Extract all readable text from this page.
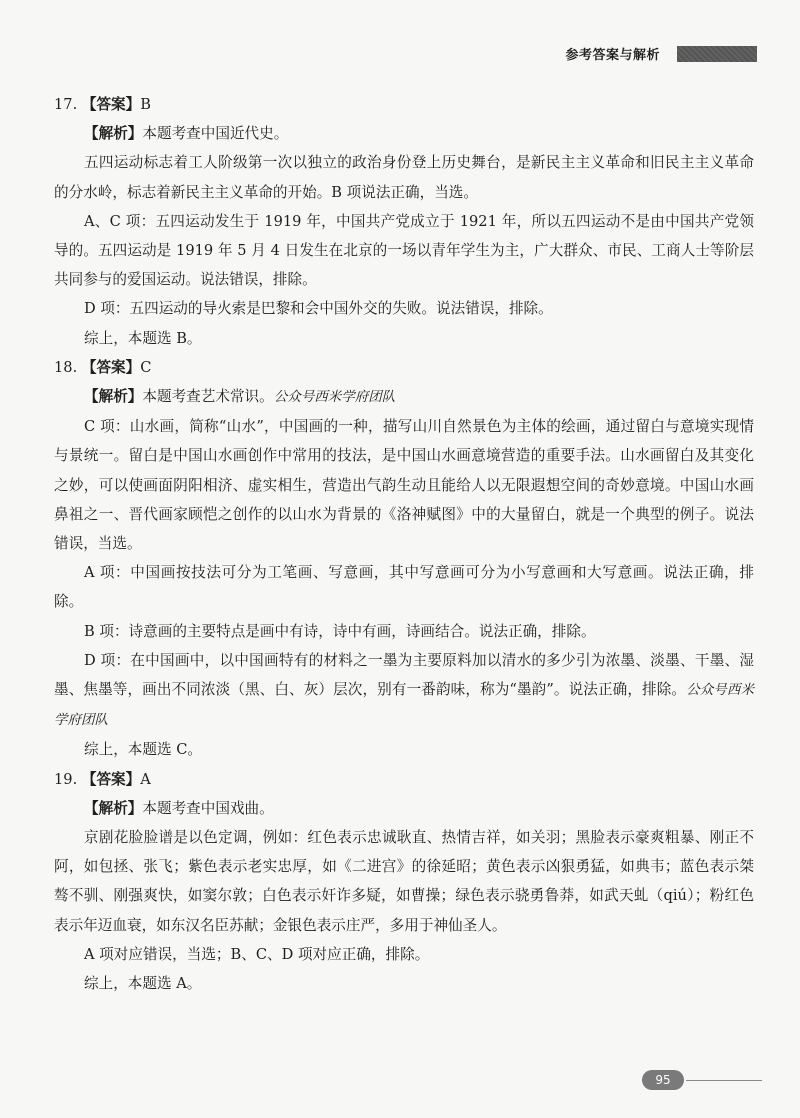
参考答案与解析

17. 【答案】B

【解析】本题考查中国近代史。

五四运动标志着工人阶级第一次以独立的政治身份登上历史舞台，是新民主主义革命和旧民主主义革命的分水岭，标志着新民主主义革命的开始。B 项说法正确，当选。

A、C 项：五四运动发生于 1919 年，中国共产党成立于 1921 年，所以五四运动不是由中国共产党领导的。五四运动是 1919 年 5 月 4 日发生在北京的一场以青年学生为主，广大群众、市民、工商人士等阶层共同参与的爱国运动。说法错误，排除。

D 项：五四运动的导火索是巴黎和会中国外交的失败。说法错误，排除。

综上，本题选 B。

18. 【答案】C

【解析】本题考查艺术常识。公众号西米学府团队

C 项：山水画，简称“山水”，中国画的一种，描写山川自然景色为主体的绘画，通过留白与意境实现情与景统一。留白是中国山水画创作中常用的技法，是中国山水画意境营造的重要手法。山水画留白及其变化之妙，可以使画面阴阳相济、虚实相生，营造出气韵生动且能给人以无限遐想空间的奇妙意境。中国山水画鼻祖之一、晋代画家顾恺之创作的以山水为背景的《洛神赋图》中的大量留白，就是一个典型的例子。说法错误，当选。

A 项：中国画按技法可分为工笔画、写意画，其中写意画可分为小写意画和大写意画。说法正确，排除。

B 项：诗意画的主要特点是画中有诗，诗中有画，诗画结合。说法正确，排除。

D 项：在中国画中，以中国画特有的材料之一墨为主要原料加以清水的多少引为浓墨、淡墨、干墨、湿墨、焦墨等，画出不同浓淡（黑、白、灰）层次，别有一番韵味，称为“墨韵”。说法正确，排除。公众号西米学府团队

综上，本题选 C。

19. 【答案】A

【解析】本题考查中国戏曲。

京剧花脸脸谱是以色定调，例如：红色表示忠诚耿直、热情吉祥，如关羽；黑脸表示豪爽粗暴、刚正不阿，如包拯、张飞；紫色表示老实忠厚，如《二进宫》的徐延昭；黄色表示凶狠勇猛，如典韦；蓝色表示桀骜不驯、刚强爽快，如窦尔敦；白色表示奸诈多疑，如曹操；绿色表示骁勇鲁莽，如武天虬（qiú）；粉红色表示年迈血衰，如东汉名臣苏献；金银色表示庄严，多用于神仙圣人。

A 项对应错误，当选；B、C、D 项对应正确，排除。

综上，本题选 A。

95
